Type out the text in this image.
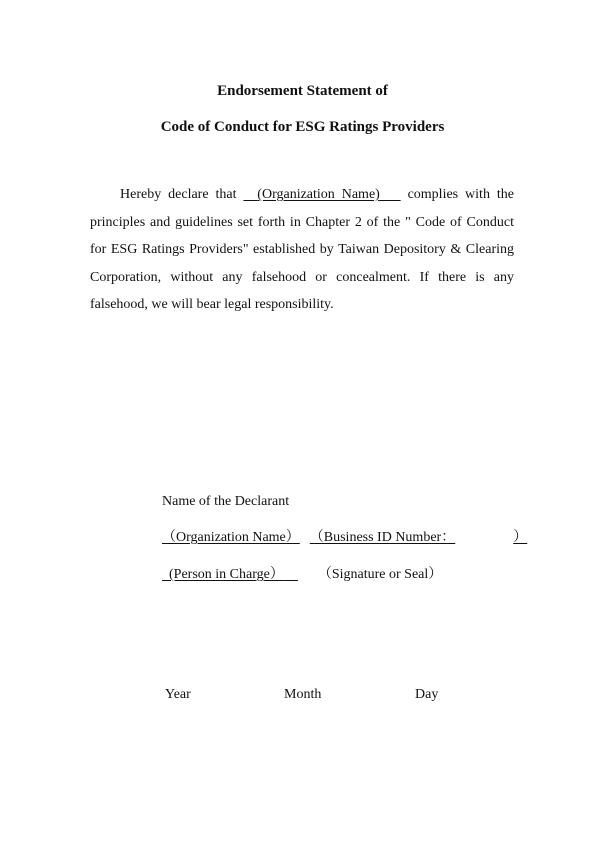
Endorsement Statement of
Code of Conduct for ESG Ratings Providers
Hereby declare that   (Organization Name)    complies with the principles and guidelines set forth in Chapter 2 of the " Code of Conduct for ESG Ratings Providers" established by Taiwan Depository & Clearing Corporation, without any falsehood or concealment. If there is any falsehood, we will bear legal responsibility.
Name of the Declarant
（Organization Name） （Business ID Number：	）
(Person in Charge） （Signature or Seal）
Year	Month	Day
